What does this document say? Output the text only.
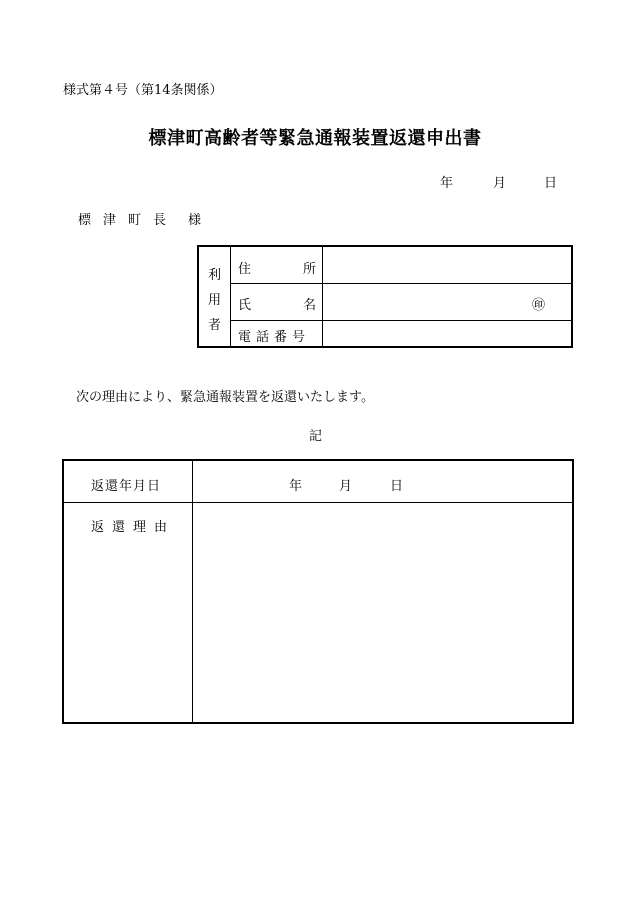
様式第４号（第14条関係）
標津町高齢者等緊急通報装置返還申出書
年	月	日
標津町長 様
利
用
者
住	所
氏	名	㊞
電話番号
次の理由により、緊急通報装置を返還いたします。
記
返還年月日	年	月	日
返還理由
